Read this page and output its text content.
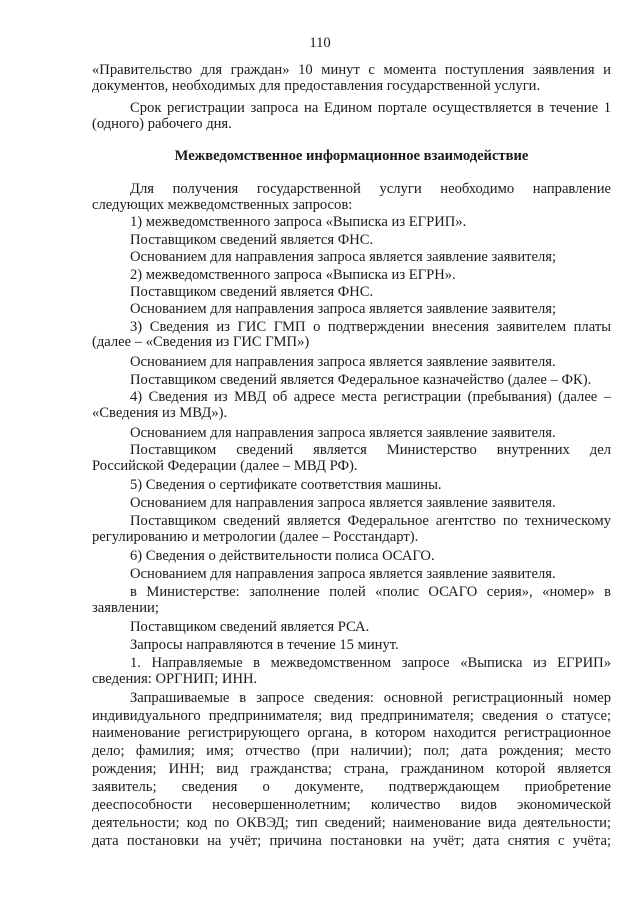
110
«Правительство для граждан» 10 минут с момента поступления заявления и
документов, необходимых для предоставления государственной услуги.
Срок регистрации запроса на Едином портале осуществляется в течение 1
(одного) рабочего дня.
Межведомственное информационное взаимодействие
Для получения государственной услуги необходимо направление
следующих межведомственных запросов:
1) межведомственного запроса «Выписка из ЕГРИП».
Поставщиком сведений является ФНС.
Основанием для направления запроса является заявление заявителя;
2) межведомственного запроса «Выписка из ЕГРН».
Поставщиком сведений является ФНС.
Основанием для направления запроса является заявление заявителя;
3) Сведения из ГИС ГМП о подтверждении внесения заявителем платы
(далее – «Сведения из ГИС ГМП»)
Основанием для направления запроса является заявление заявителя.
Поставщиком сведений является Федеральное казначейство (далее – ФК).
4) Сведения из МВД об адресе места регистрации (пребывания) (далее –
«Сведения из МВД»).
Основанием для направления запроса является заявление заявителя.
Поставщиком сведений является Министерство внутренних дел
Российской Федерации (далее – МВД РФ).
5) Сведения о сертификате соответствия машины.
Основанием для направления запроса является заявление заявителя.
Поставщиком сведений является Федеральное агентство по техническому
регулированию и метрологии (далее – Росстандарт).
6) Сведения о действительности полиса ОСАГО.
Основанием для направления запроса является заявление заявителя.
в Министерстве: заполнение полей «полис ОСАГО серия», «номер» в
заявлении;
Поставщиком сведений является РСА.
Запросы направляются в течение 15 минут.
1. Направляемые в межведомственном запросе «Выписка из ЕГРИП»
сведения: ОРГНИП; ИНН.
Запрашиваемые в запросе сведения: основной регистрационный номер
индивидуального предпринимателя; вид предпринимателя; сведения о статусе;
наименование регистрирующего органа, в котором находится регистрационное
дело; фамилия; имя; отчество (при наличии); пол; дата рождения; место
рождения; ИНН; вид гражданства; страна, гражданином которой является
заявитель; сведения о документе, подтверждающем приобретение
дееспособности несовершеннолетним; количество видов экономической
деятельности; код по ОКВЭД; тип сведений; наименование вида деятельности;
дата постановки на учёт; причина постановки на учёт; дата снятия с учёта;
